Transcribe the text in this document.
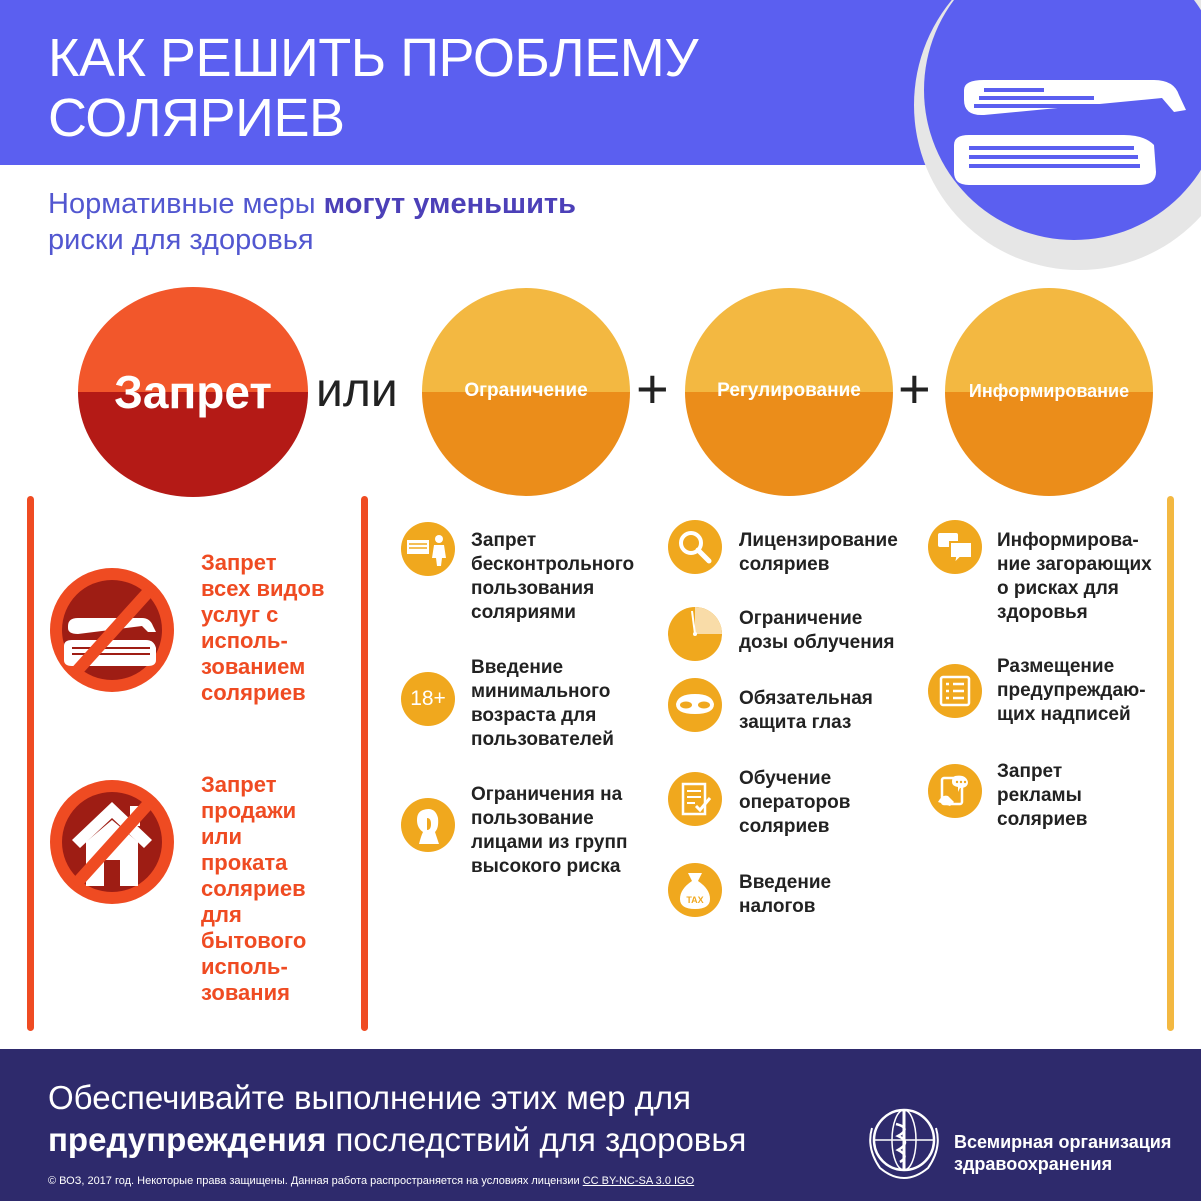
КАК РЕШИТЬ ПРОБЛЕМУ
СОЛЯРИЕВ
Нормативные меры могут уменьшить
риски для здоровья
Запрет или	Ограничение +	Регулирование +	Информирование
Запрет
всех видов
услуг с
исполь-
зованием
соляриев
Запрет
продажи
или
проката
соляриев
для
бытового
исполь-
зования
Запрет
бесконтрольного
пользования
соляриями
18+
Введение
минимального
возраста для
пользователей
Ограничения на
пользование
лицами из групп
высокого риска
Лицензирование
соляриев
Ограничение
дозы облучения
Обязательная
защита глаз
Обучение
операторов
соляриев
TAX
Введение
налогов
Информирова-
ние загорающих
о рисках для
здоровья
Размещение
предупреждаю-
щих надписей
Запрет
рекламы
соляриев
Обеспечивайте выполнение этих мер для
предупреждения последствий для здоровья
© ВОЗ, 2017 год. Некоторые права защищены. Данная работа распространяется на условиях лицензии CC BY-NC-SA 3.0 IGO
Всемирная организация
здравоохранения
